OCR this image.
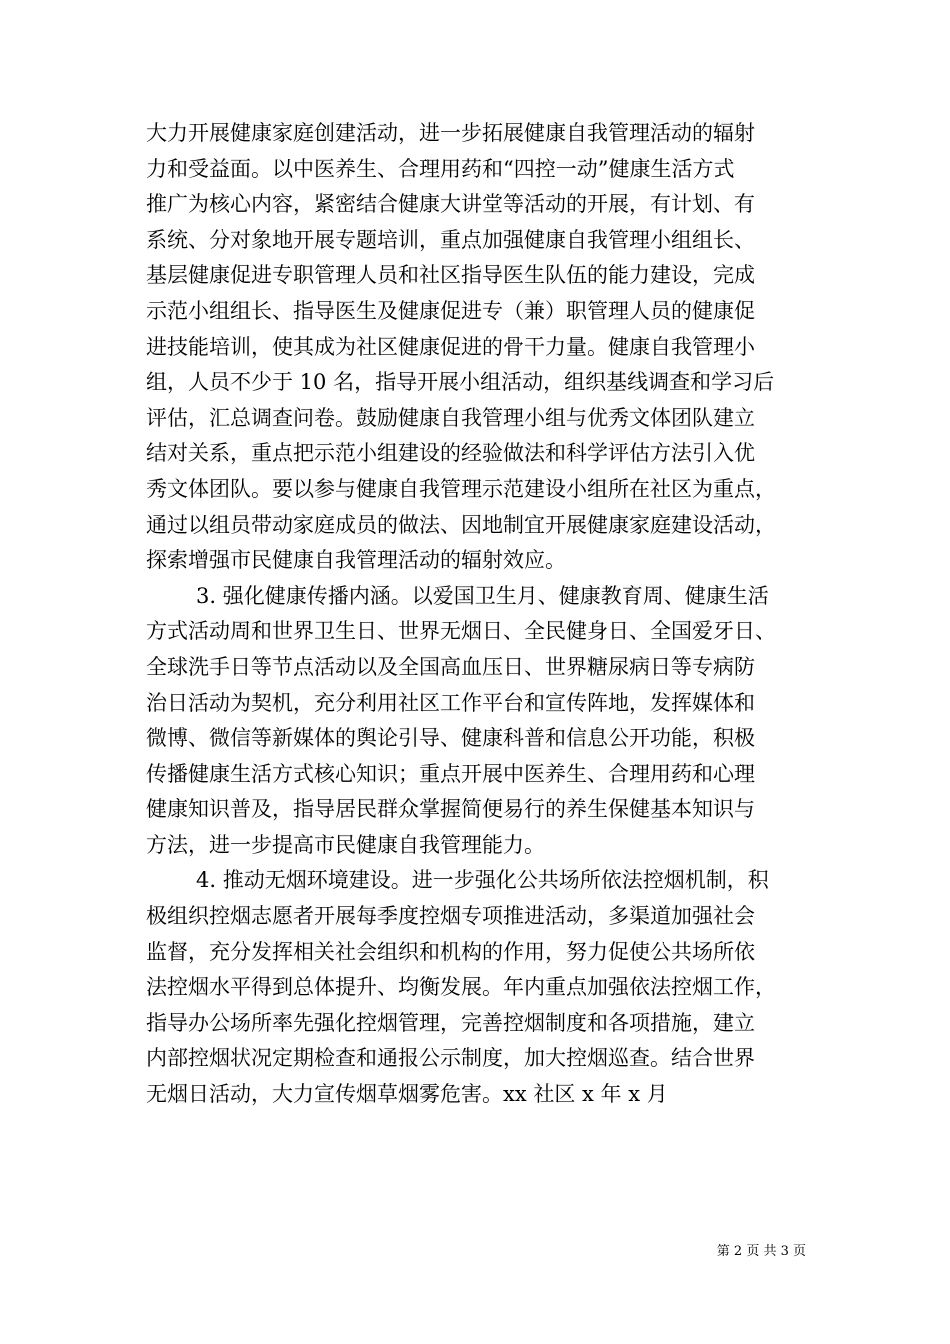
大力开展健康家庭创建活动，进一步拓展健康自我管理活动的辐射
力和受益面。以中医养生、合理用药和“四控一动”健康生活方式
推广为核心内容，紧密结合健康大讲堂等活动的开展，有计划、有
系统、分对象地开展专题培训，重点加强健康自我管理小组组长、
基层健康促进专职管理人员和社区指导医生队伍的能力建设，完成
示范小组组长、指导医生及健康促进专（兼）职管理人员的健康促
进技能培训，使其成为社区健康促进的骨干力量。健康自我管理小
组，人员不少于 10 名，指导开展小组活动，组织基线调查和学习后
评估，汇总调查问卷。鼓励健康自我管理小组与优秀文体团队建立
结对关系，重点把示范小组建设的经验做法和科学评估方法引入优
秀文体团队。要以参与健康自我管理示范建设小组所在社区为重点，
通过以组员带动家庭成员的做法、因地制宜开展健康家庭建设活动，
探索增强市民健康自我管理活动的辐射效应。
3. 强化健康传播内涵。以爱国卫生月、健康教育周、健康生活
方式活动周和世界卫生日、世界无烟日、全民健身日、全国爱牙日、
全球洗手日等节点活动以及全国高血压日、世界糖尿病日等专病防
治日活动为契机，充分利用社区工作平台和宣传阵地，发挥媒体和
微博、微信等新媒体的舆论引导、健康科普和信息公开功能，积极
传播健康生活方式核心知识；重点开展中医养生、合理用药和心理
健康知识普及，指导居民群众掌握简便易行的养生保健基本知识与
方法，进一步提高市民健康自我管理能力。
4. 推动无烟环境建设。进一步强化公共场所依法控烟机制，积
极组织控烟志愿者开展每季度控烟专项推进活动，多渠道加强社会
监督，充分发挥相关社会组织和机构的作用，努力促使公共场所依
法控烟水平得到总体提升、均衡发展。年内重点加强依法控烟工作，
指导办公场所率先强化控烟管理，完善控烟制度和各项措施，建立
内部控烟状况定期检查和通报公示制度，加大控烟巡查。结合世界
无烟日活动，大力宣传烟草烟雾危害。xx 社区 x 年 x 月
第 2 页 共 3 页
